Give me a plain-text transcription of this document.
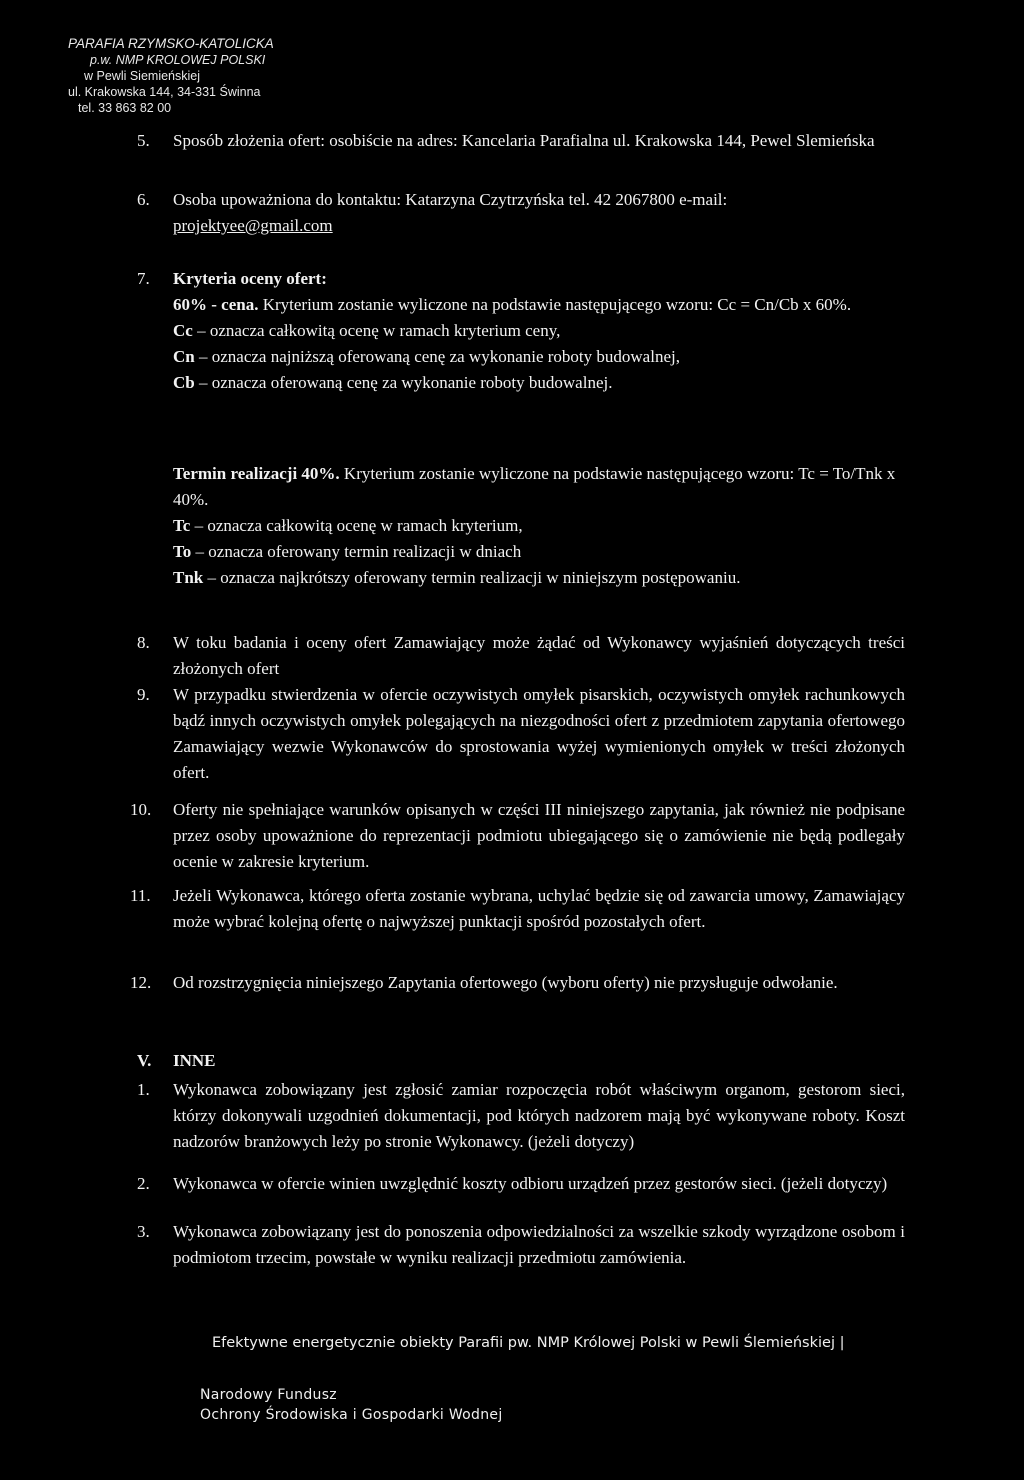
PARAFIA RZYMSKO-KATOLICKA
p.w. NMP KROLOWEJ POLSKI
w Pewli Siemieńskiej
ul. Krakowska 144, 34-331 Świnna
tel. 33 863 82 00
5. Sposób złożenia ofert: osobiście na adres: Kancelaria Parafialna ul. Krakowska 144, Pewel Slemieńska
6. Osoba upoważniona do kontaktu: Katarzyna Czytrzyńska tel. 42 2067800 e-mail:
projektyee@gmail.com
7. Kryteria oceny ofert:
60% - cena. Kryterium zostanie wyliczone na podstawie następującego wzoru: Cc = Cn/Cb x 60%.
Cc – oznacza całkowitą ocenę w ramach kryterium ceny,
Cn – oznacza najniższą oferowaną cenę za wykonanie roboty budowalnej,
Cb – oznacza oferowaną cenę za wykonanie roboty budowalnej.
Termin realizacji 40%. Kryterium zostanie wyliczone na podstawie następującego wzoru: Tc = To/Tnk x 40%.
Tc – oznacza całkowitą ocenę w ramach kryterium,
To – oznacza oferowany termin realizacji w dniach
Tnk – oznacza najkrótszy oferowany termin realizacji w niniejszym postępowaniu.
8. W toku badania i oceny ofert Zamawiający może żądać od Wykonawcy wyjaśnień dotyczących treści złożonych ofert
9. W przypadku stwierdzenia w ofercie oczywistych omyłek pisarskich, oczywistych omyłek rachunkowych bądź innych oczywistych omyłek polegających na niezgodności ofert z przedmiotem zapytania ofertowego Zamawiający wezwie Wykonawców do sprostowania wyżej wymienionych omyłek w treści złożonych ofert.
10. Oferty nie spełniające warunków opisanych w części III niniejszego zapytania, jak również nie podpisane przez osoby upoważnione do reprezentacji podmiotu ubiegającego się o zamówienie nie będą podlegały ocenie w zakresie kryterium.
11. Jeżeli Wykonawca, którego oferta zostanie wybrana, uchylać będzie się od zawarcia umowy, Zamawiający może wybrać kolejną ofertę o najwyższej punktacji spośród pozostałych ofert.
12. Od rozstrzygnięcia niniejszego Zapytania ofertowego (wyboru oferty) nie przysługuje odwołanie.
V. INNE
1. Wykonawca zobowiązany jest zgłosić zamiar rozpoczęcia robót właściwym organom, gestorom sieci, którzy dokonywali uzgodnień dokumentacji, pod których nadzorem mają być wykonywane roboty. Koszt nadzorów branżowych leży po stronie Wykonawcy. (jeżeli dotyczy)
2. Wykonawca w ofercie winien uwzględnić koszty odbioru urządzeń przez gestorów sieci. (jeżeli dotyczy)
3. Wykonawca zobowiązany jest do ponoszenia odpowiedzialności za wszelkie szkody wyrządzone osobom i podmiotom trzecim, powstałe w wyniku realizacji przedmiotu zamówienia.
Efektywne energetycznie obiekty Parafii pw. NMP Królowej Polski w Pewli Ślemieńskiej |
Narodowy Fundusz
Ochrony Środowiska i Gospodarki Wodnej
